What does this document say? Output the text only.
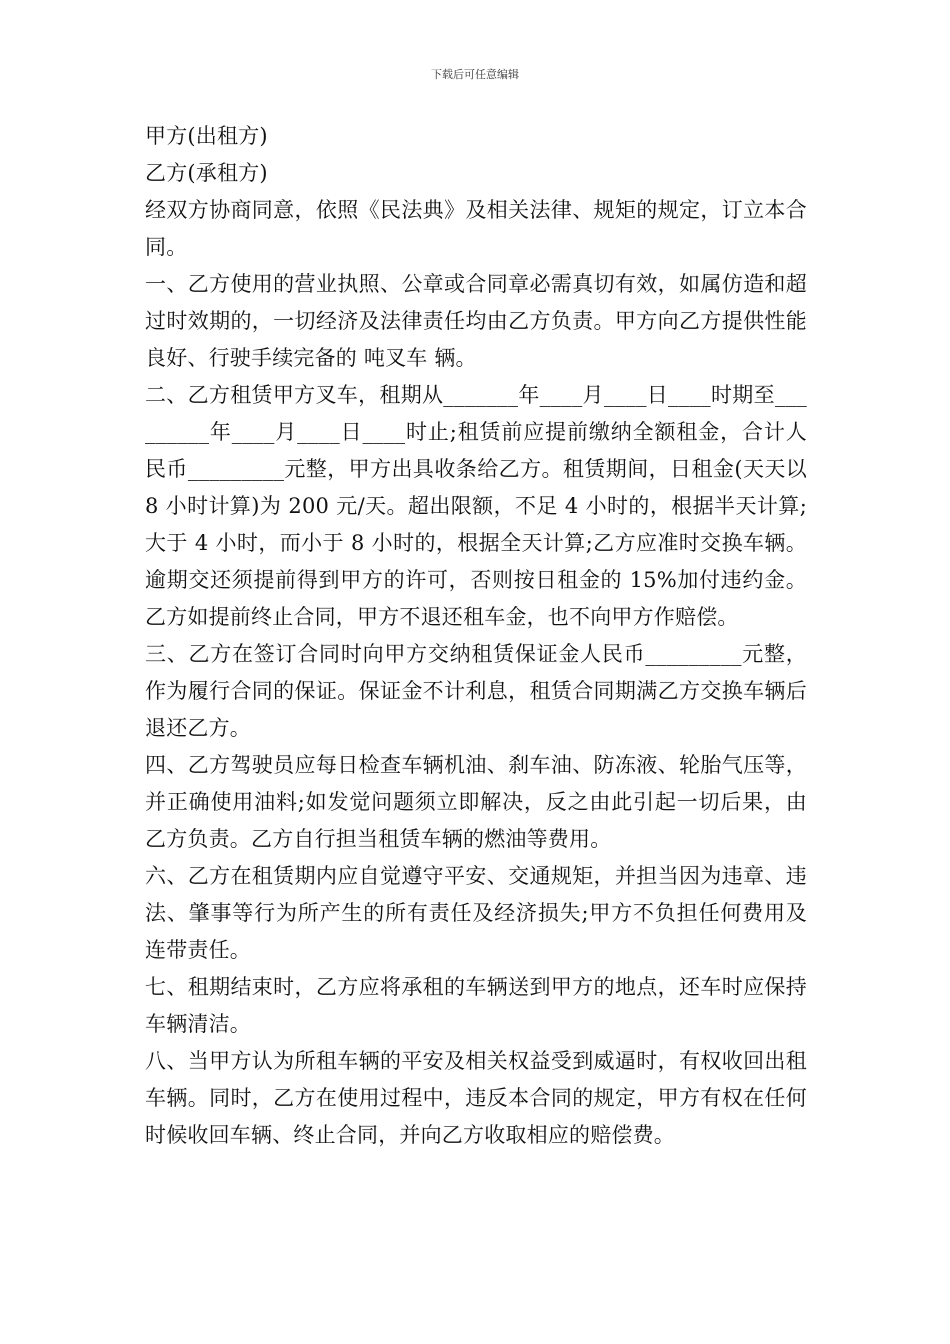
下载后可任意编辑

甲方(出租方)

乙方(承租方)

经双方协商同意，依照《民法典》及相关法律、规矩的规定，订立本合同。

一、乙方使用的营业执照、公章或合同章必需真切有效，如属仿造和超过时效期的，一切经济及法律责任均由乙方负责。甲方向乙方提供性能良好、行驶手续完备的 吨叉车 辆。

二、乙方租赁甲方叉车，租期从_______年____月____日____时期至_________年____月____日____时止;租赁前应提前缴纳全额租金，合计人民币_________元整，甲方出具收条给乙方。租赁期间，日租金(天天以 8 小时计算)为 200 元/天。超出限额，不足 4 小时的，根据半天计算;大于 4 小时，而小于 8 小时的，根据全天计算;乙方应准时交换车辆。逾期交还须提前得到甲方的许可，否则按日租金的 15%加付违约金。乙方如提前终止合同，甲方不退还租车金，也不向甲方作赔偿。

三、乙方在签订合同时向甲方交纳租赁保证金人民币_________元整，作为履行合同的保证。保证金不计利息，租赁合同期满乙方交换车辆后退还乙方。

四、乙方驾驶员应每日检查车辆机油、刹车油、防冻液、轮胎气压等，并正确使用油料;如发觉问题须立即解决，反之由此引起一切后果，由乙方负责。乙方自行担当租赁车辆的燃油等费用。

六、乙方在租赁期内应自觉遵守平安、交通规矩，并担当因为违章、违法、肇事等行为所产生的所有责任及经济损失;甲方不负担任何费用及连带责任。

七、租期结束时，乙方应将承租的车辆送到甲方的地点，还车时应保持车辆清洁。

八、当甲方认为所租车辆的平安及相关权益受到威逼时，有权收回出租车辆。同时，乙方在使用过程中，违反本合同的规定，甲方有权在任何时候收回车辆、终止合同，并向乙方收取相应的赔偿费。
